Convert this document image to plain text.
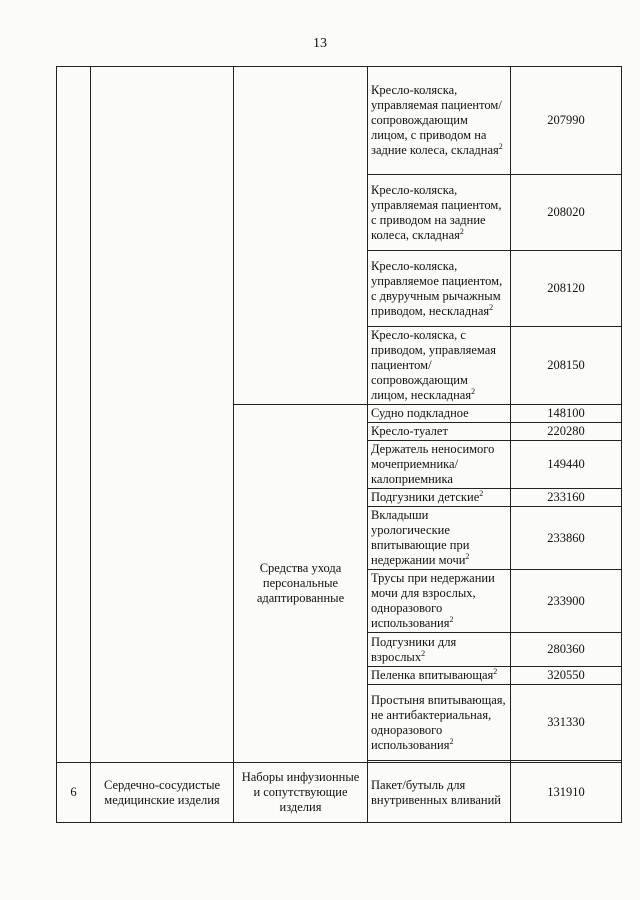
13
			Кресло-коляска, управляемая пациентом/ сопровождающим лицом, с приводом на задние колеса, складная$^2$	207990
			Кресло-коляска, управляемая пациентом, с приводом на задние колеса, складная$^2$	208020
			Кресло-коляска, управляемое пациентом, с двуручным рычажным приводом, нескладная$^2$	208120
			Кресло-коляска, с приводом, управляемая пациентом/ сопровождающим лицом, нескладная$^2$	208150
		Средства ухода персональные адаптированные	Судно подкладное	148100
			Кресло-туалет	220280
			Держатель неносимого мочеприемника/ калоприемника	149440
			Подгузники детские$^2$	233160
			Вкладыши урологические впитывающие при недержании мочи$^2$	233860
			Трусы при недержании мочи для взрослых, одноразового использования$^2$	233900
			Подгузники для взрослых$^2$	280360
			Пеленка впитывающая$^2$	320550
			Простыня впитывающая, не антибактериальная, одноразового использования$^2$	331330

6	Сердечно-сосудистые медицинские изделия	Наборы инфузионные и сопутствующие изделия	Пакет/бутыль для внутривенных вливаний	131910
